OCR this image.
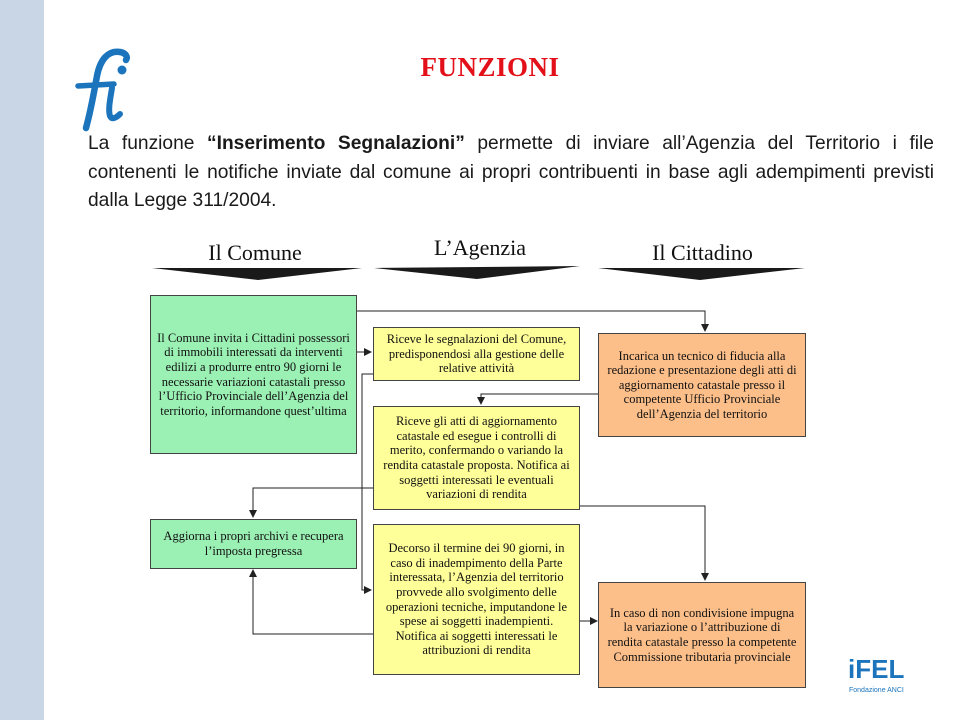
FUNZIONI
La funzione “Inserimento Segnalazioni” permette di inviare all’Agenzia del Territorio i file contenenti le notifiche inviate dal comune ai propri contribuenti in base agli adempimenti previsti dalla Legge 311/2004.
Il Comune	L’Agenzia	Il Cittadino
Il Comune invita i Cittadini possessori di immobili interessati da interventi edilizi a produrre entro 90 giorni le necessarie variazioni catastali presso l’Ufficio Provinciale dell’Agenzia del territorio, informandone quest’ultima
Aggiorna i propri archivi e recupera l’imposta pregressa
Riceve le segnalazioni del Comune, predisponendosi alla gestione delle relative attività
Riceve gli atti di aggiornamento catastale ed esegue i controlli di merito, confermando o variando la rendita catastale proposta. Notifica ai soggetti interessati le eventuali variazioni di rendita
Decorso il termine dei 90 giorni, in caso di inadempimento della Parte interessata, l’Agenzia del territorio provvede allo svolgimento delle operazioni tecniche, imputandone le spese ai soggetti inadempienti. Notifica ai soggetti interessati le attribuzioni di rendita
Incarica un tecnico di fiducia alla redazione e presentazione degli atti di aggiornamento catastale presso il competente Ufficio Provinciale dell’Agenzia del territorio
In caso di non condivisione impugna la variazione o l’attribuzione di rendita catastale presso la competente Commissione tributaria provinciale	iFEL
Fondazione ANCI
